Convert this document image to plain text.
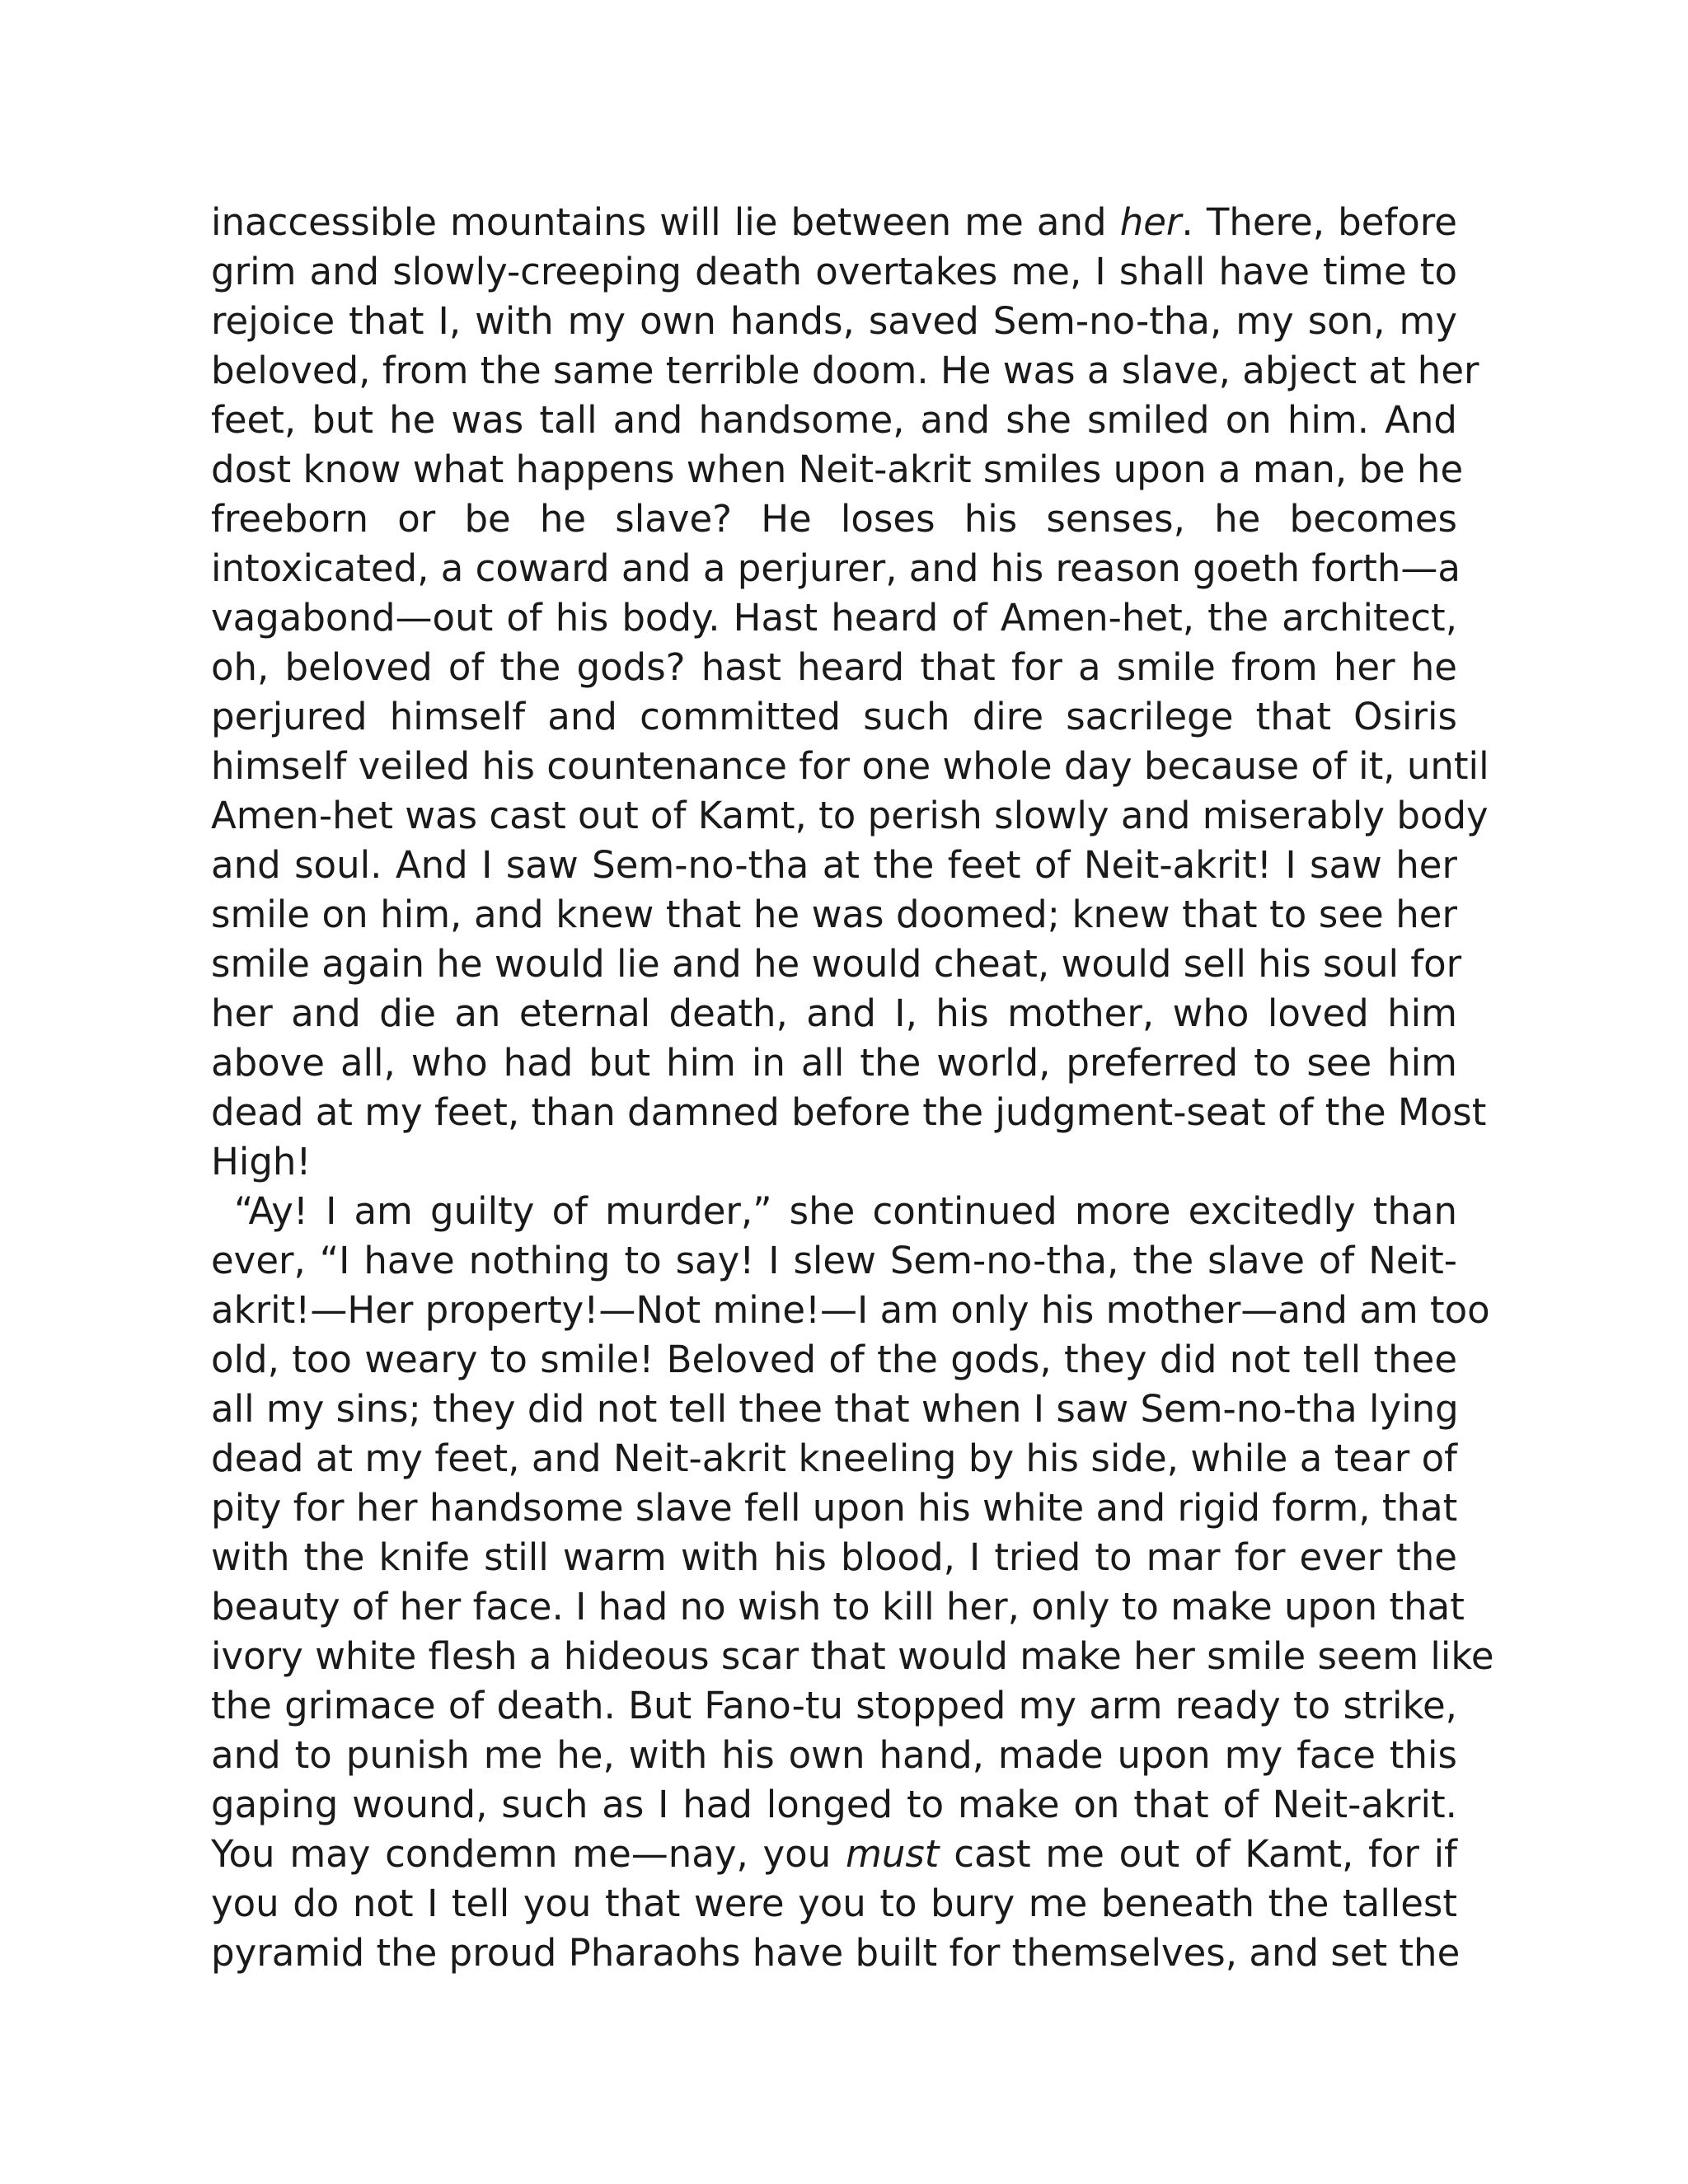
inaccessible mountains will lie between me and her. There, before
grim and slowly-creeping death overtakes me, I shall have time to
rejoice that I, with my own hands, saved Sem-no-tha, my son, my
beloved, from the same terrible doom. He was a slave, abject at her
feet, but he was tall and handsome, and she smiled on him. And
dost know what happens when Neit-akrit smiles upon a man, be he
freeborn or be he slave? He loses his senses, he becomes
intoxicated, a coward and a perjurer, and his reason goeth forth—a
vagabond—out of his body. Hast heard of Amen-het, the architect,
oh, beloved of the gods? hast heard that for a smile from her he
perjured himself and committed such dire sacrilege that Osiris
himself veiled his countenance for one whole day because of it, until
Amen-het was cast out of Kamt, to perish slowly and miserably body
and soul. And I saw Sem-no-tha at the feet of Neit-akrit! I saw her
smile on him, and knew that he was doomed; knew that to see her
smile again he would lie and he would cheat, would sell his soul for
her and die an eternal death, and I, his mother, who loved him
above all, who had but him in all the world, preferred to see him
dead at my feet, than damned before the judgment-seat of the Most
High!
“Ay! I am guilty of murder,” she continued more excitedly than
ever, “I have nothing to say! I slew Sem-no-tha, the slave of Neit-
akrit!—Her property!—Not mine!—I am only his mother—and am too
old, too weary to smile! Beloved of the gods, they did not tell thee
all my sins; they did not tell thee that when I saw Sem-no-tha lying
dead at my feet, and Neit-akrit kneeling by his side, while a tear of
pity for her handsome slave fell upon his white and rigid form, that
with the knife still warm with his blood, I tried to mar for ever the
beauty of her face. I had no wish to kill her, only to make upon that
ivory white flesh a hideous scar that would make her smile seem like
the grimace of death. But Fano-tu stopped my arm ready to strike,
and to punish me he, with his own hand, made upon my face this
gaping wound, such as I had longed to make on that of Neit-akrit.
You may condemn me—nay, you must cast me out of Kamt, for if
you do not I tell you that were you to bury me beneath the tallest
pyramid the proud Pharaohs have built for themselves, and set the
